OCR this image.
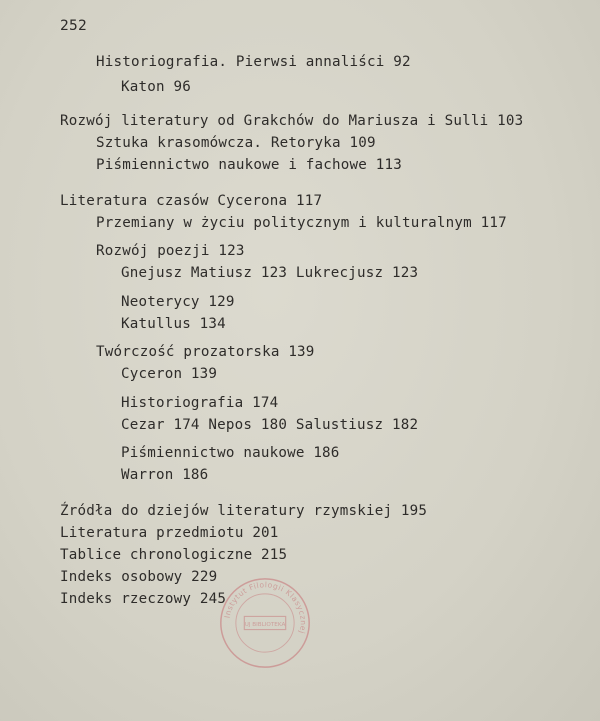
252
Historiografia. Pierwsi annaliści 92
Katon 96
Rozwój literatury od Grakchów do Mariusza i Sulli 103
Sztuka krasomówcza. Retoryka 109
Piśmiennictwo naukowe i fachowe 113
Literatura czasów Cycerona 117
Przemiany w życiu politycznym i kulturalnym 117
Rozwój poezji 123
Gnejusz Matiusz 123 Lukrecjusz 123
Neoterycy 129
Katullus 134
Twórczość prozatorska 139
Cyceron 139
Historiografia 174
Cezar 174 Nepos 180 Salustiusz 182
Piśmiennictwo naukowe 186
Warron 186
Źródła do dziejów literatury rzymskiej 195
Literatura przedmiotu 201
Tablice chronologiczne 215
Indeks osobowy 229
Indeks rzeczowy 245
Instytut Filologii Klasycznej
UJ BIBLIOTEKA
